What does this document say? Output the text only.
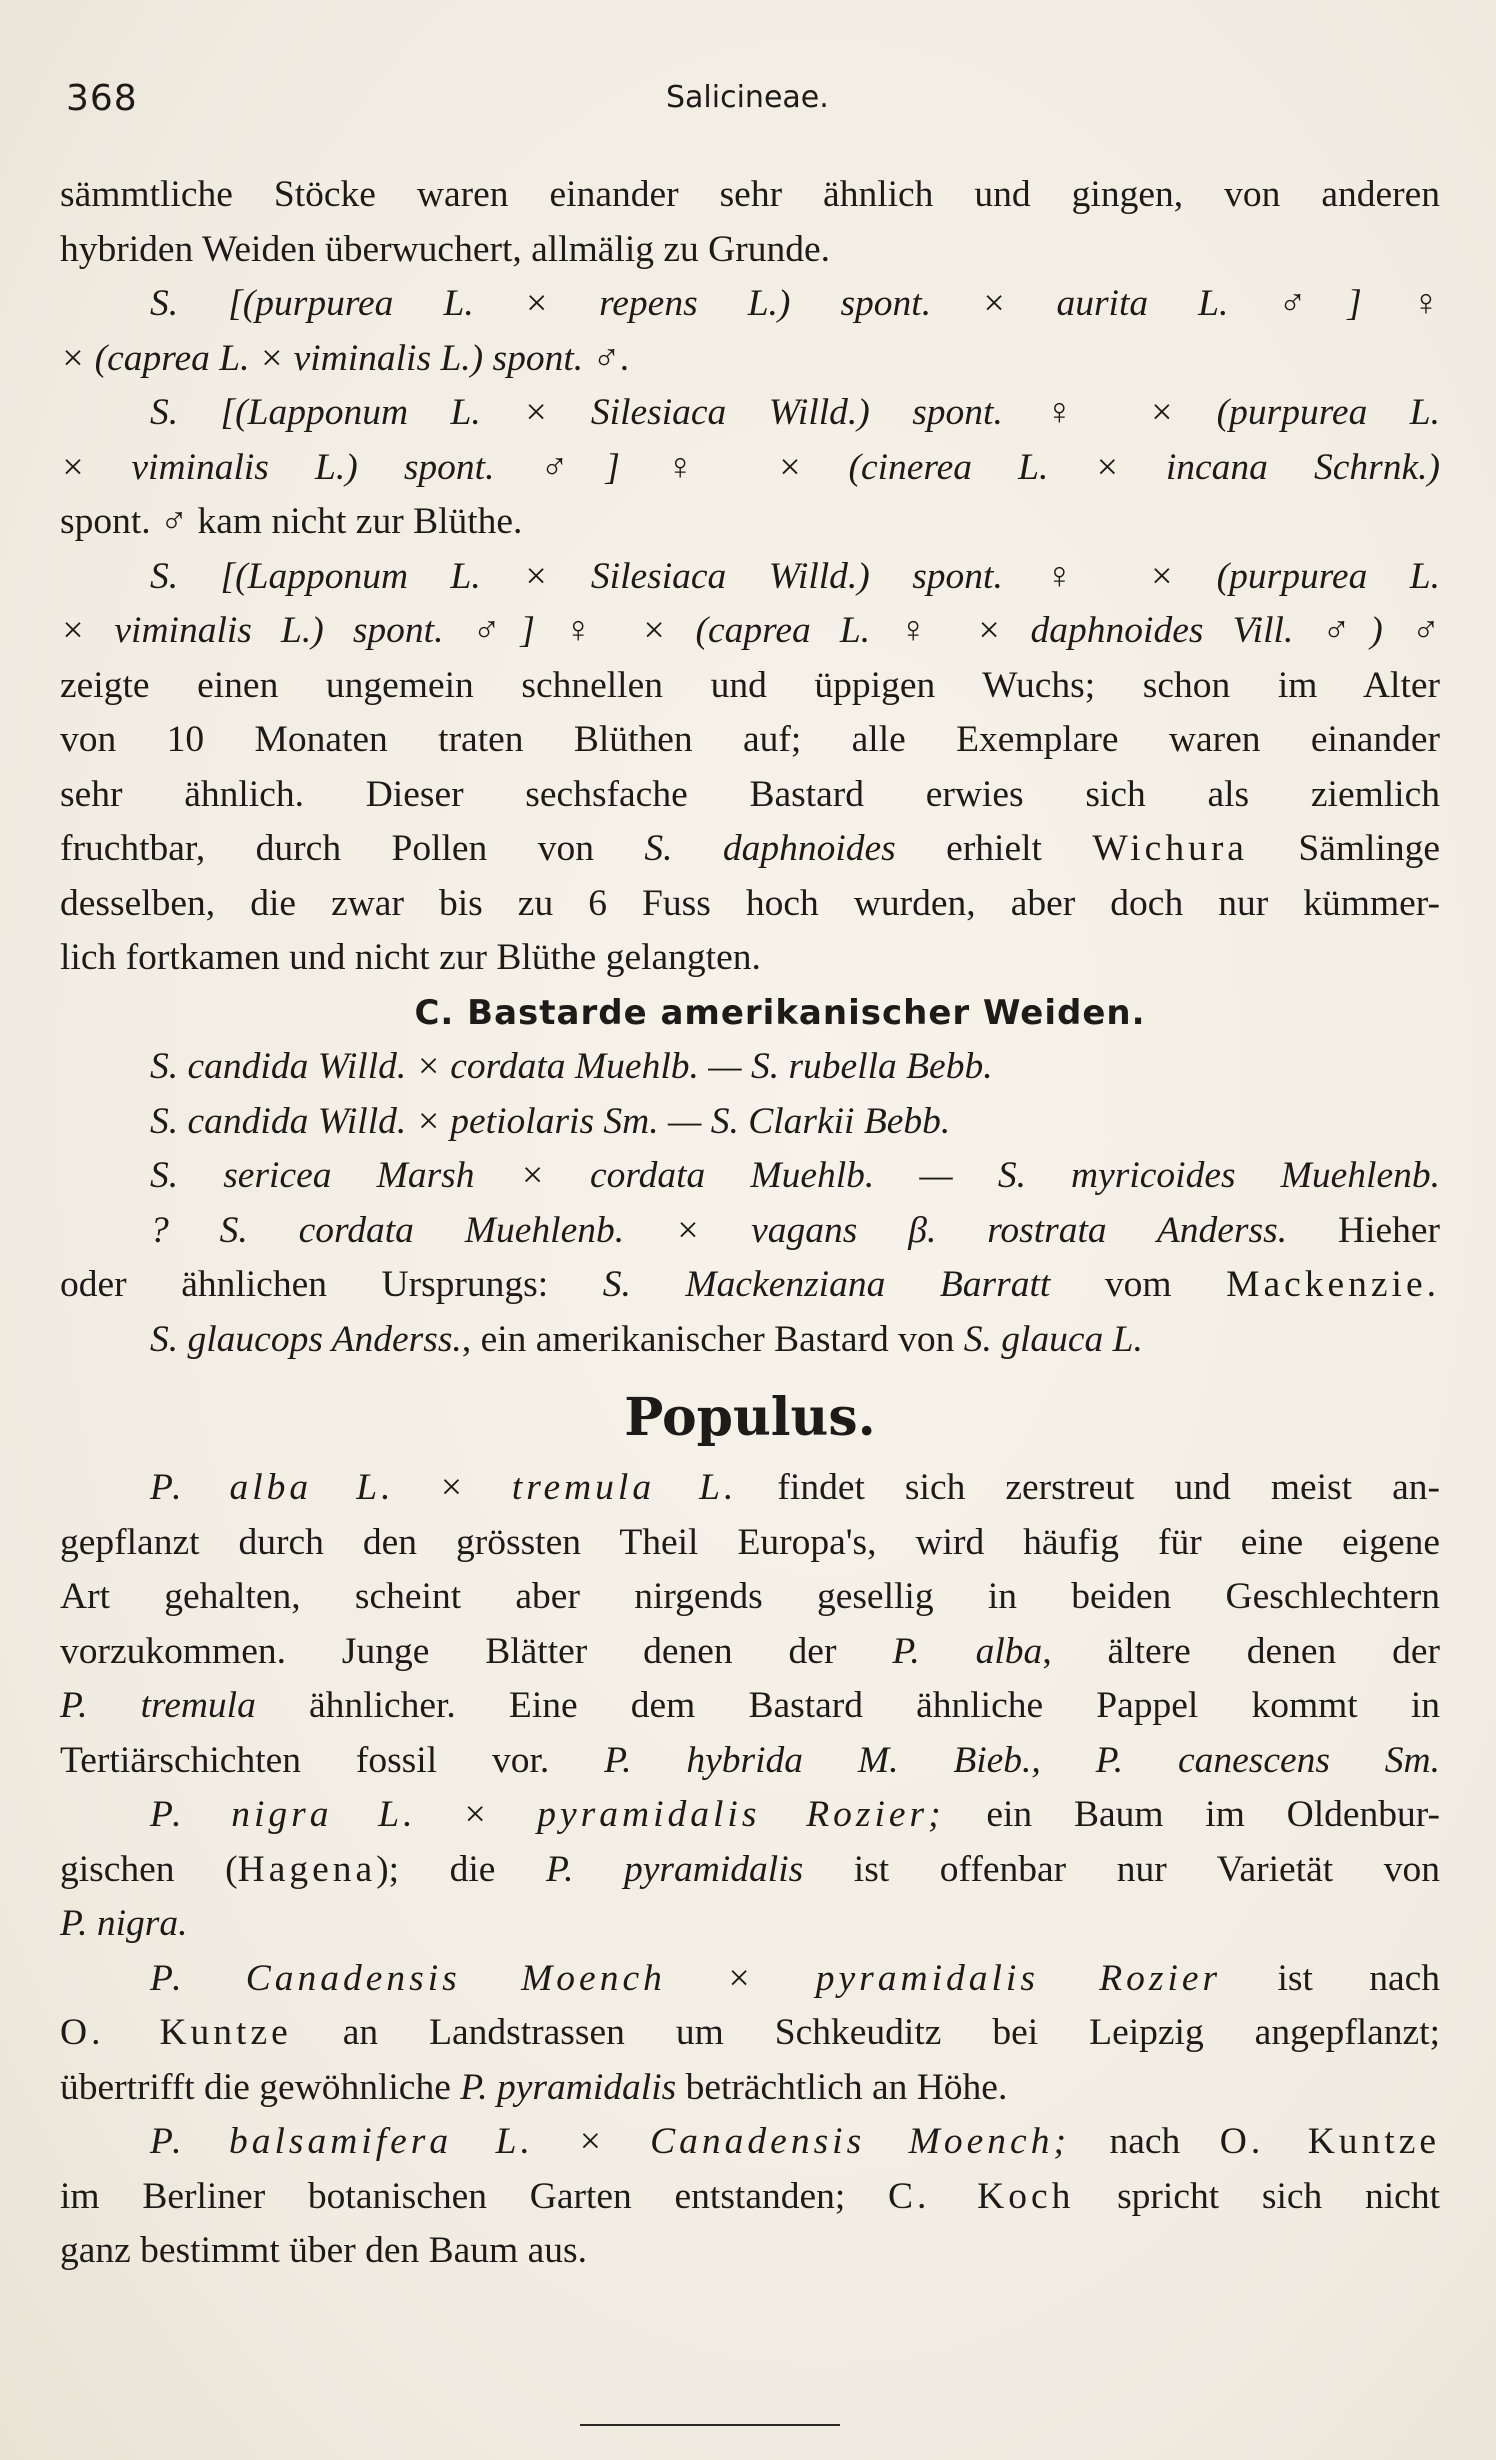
368	Salicineae.
sämmtliche Stöcke waren einander sehr ähnlich und gingen, von anderen
hybriden Weiden überwuchert, allmälig zu Grunde.
S. [(purpurea L. × repens L.) spont. × aurita L. ♂] ♀
× (caprea L. × viminalis L.) spont. ♂.
S. [(Lapponum L. × Silesiaca Willd.) spont. ♀ × (purpurea L.
× viminalis L.) spont. ♂] ♀ × (cinerea L. × incana Schrnk.)
spont. ♂ kam nicht zur Blüthe.
S. [(Lapponum L. × Silesiaca Willd.) spont. ♀ × (purpurea L.
× viminalis L.) spont. ♂] ♀ × (caprea L. ♀ × daphnoides Vill. ♂) ♂
zeigte einen ungemein schnellen und üppigen Wuchs; schon im Alter
von 10 Monaten traten Blüthen auf; alle Exemplare waren einander
sehr ähnlich. Dieser sechsfache Bastard erwies sich als ziemlich
fruchtbar, durch Pollen von S. daphnoides erhielt Wichura Sämlinge
desselben, die zwar bis zu 6 Fuss hoch wurden, aber doch nur kümmer-
lich fortkamen und nicht zur Blüthe gelangten.
C. Bastarde amerikanischer Weiden.
S. candida Willd. × cordata Muehlb. — S. rubella Bebb.
S. candida Willd. × petiolaris Sm. — S. Clarkii Bebb.
S. sericea Marsh × cordata Muehlb. — S. myricoides Muehlenb.
? S. cordata Muehlenb. × vagans β. rostrata Anderss. Hieher
oder ähnlichen Ursprungs: S. Mackenziana Barratt vom Mackenzie.
S. glaucops Anderss., ein amerikanischer Bastard von S. glauca L.
Populus.
P. alba L. × tremula L. findet sich zerstreut und meist an-
gepflanzt durch den grössten Theil Europa's, wird häufig für eine eigene
Art gehalten, scheint aber nirgends gesellig in beiden Geschlechtern
vorzukommen. Junge Blätter denen der P. alba, ältere denen der
P. tremula ähnlicher. Eine dem Bastard ähnliche Pappel kommt in
Tertiärschichten fossil vor. P. hybrida M. Bieb., P. canescens Sm.
P. nigra L. × pyramidalis Rozier; ein Baum im Oldenbur-
gischen (Hagena); die P. pyramidalis ist offenbar nur Varietät von
P. nigra.
P. Canadensis Moench × pyramidalis Rozier ist nach
O. Kuntze an Landstrassen um Schkeuditz bei Leipzig angepflanzt;
übertrifft die gewöhnliche P. pyramidalis beträchtlich an Höhe.
P. balsamifera L. × Canadensis Moench; nach O. Kuntze
im Berliner botanischen Garten entstanden; C. Koch spricht sich nicht
ganz bestimmt über den Baum aus.
